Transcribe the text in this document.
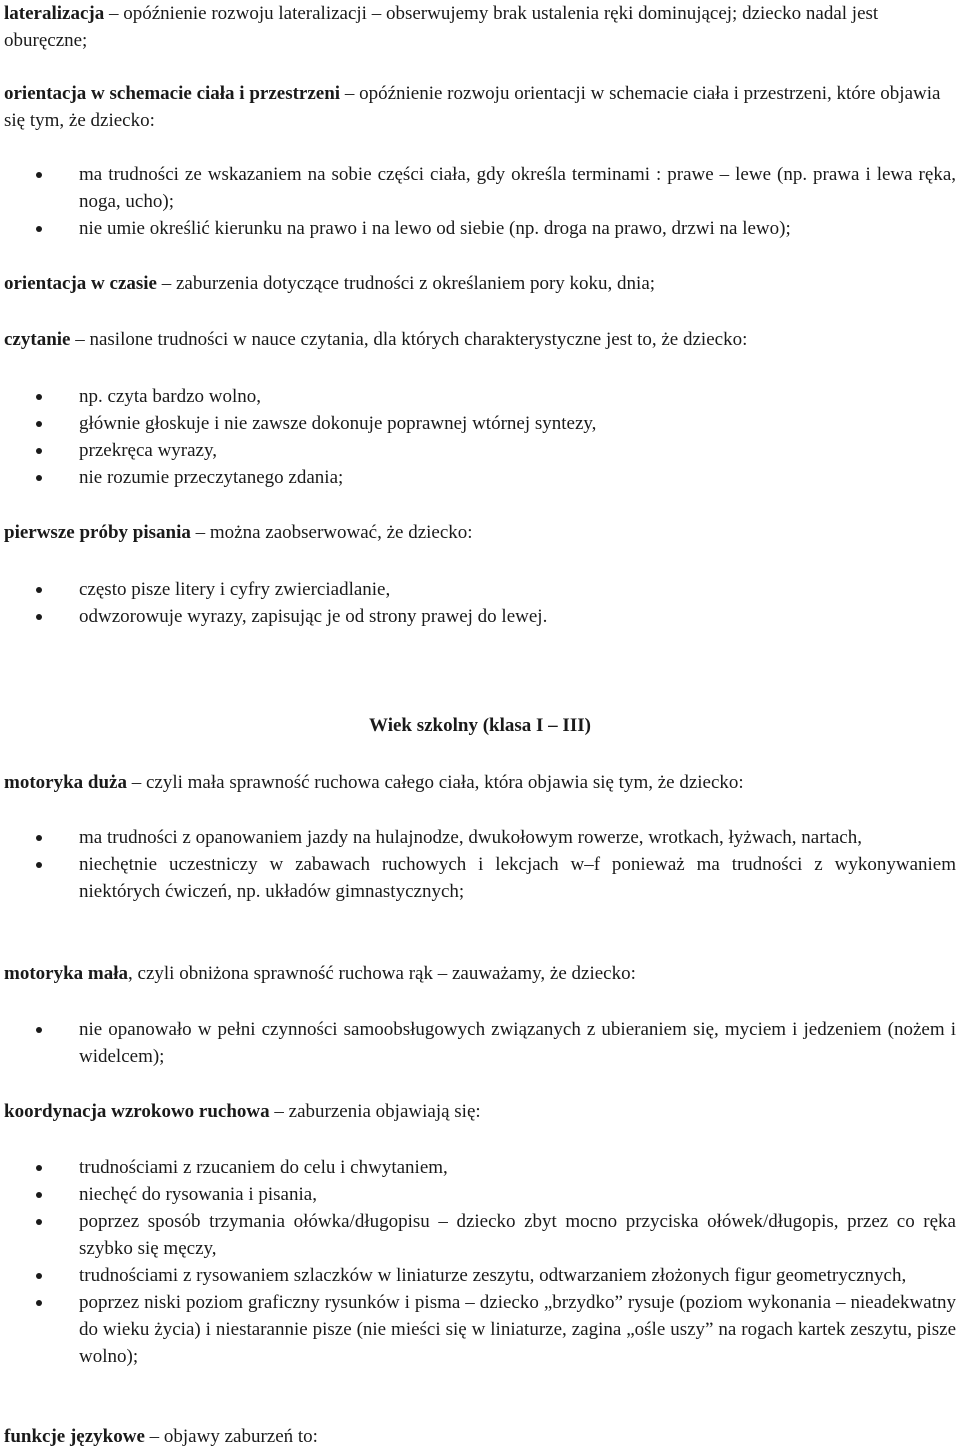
lateralizacja – opóźnienie rozwoju lateralizacji – obserwujemy brak ustalenia ręki dominującej; dziecko nadal jest oburęczne;

orientacja w schemacie ciała i przestrzeni – opóźnienie rozwoju orientacji w schemacie ciała i przestrzeni, które objawia się tym, że dziecko:

ma trudności ze wskazaniem na sobie części ciała, gdy określa terminami : prawe – lewe (np. prawa i lewa ręka, noga, ucho);
nie umie określić kierunku na prawo i na lewo od siebie (np. droga na prawo, drzwi na lewo);

orientacja w czasie – zaburzenia dotyczące trudności z określaniem pory koku, dnia;

czytanie – nasilone trudności w nauce czytania, dla których charakterystyczne jest to, że dziecko:

np. czyta bardzo wolno,
głównie głoskuje i nie zawsze dokonuje poprawnej wtórnej syntezy,
przekręca wyrazy,
nie rozumie przeczytanego zdania;

pierwsze próby pisania – można zaobserwować, że dziecko:

często pisze litery i cyfry zwierciadlanie,
odwzorowuje wyrazy, zapisując je od strony prawej do lewej.

Wiek szkolny (klasa I – III)

motoryka duża – czyli mała sprawność ruchowa całego ciała, która objawia się tym, że dziecko:

ma trudności z opanowaniem jazdy na hulajnodze, dwukołowym rowerze, wrotkach, łyżwach, nartach,
niechętnie uczestniczy w zabawach ruchowych i lekcjach w–f ponieważ ma trudności z wykonywaniem niektórych ćwiczeń, np. układów gimnastycznych;

motoryka mała, czyli obniżona sprawność ruchowa rąk – zauważamy, że dziecko:

nie opanowało w pełni czynności samoobsługowych związanych z ubieraniem się, myciem i jedzeniem (nożem i widelcem);

koordynacja wzrokowo ruchowa – zaburzenia objawiają się:

trudnościami z rzucaniem do celu i chwytaniem,
niechęć do rysowania i pisania,
poprzez sposób trzymania ołówka/długopisu – dziecko zbyt mocno przyciska ołówek/długopis, przez co ręka szybko się męczy,
trudnościami z rysowaniem szlaczków w liniaturze zeszytu, odtwarzaniem złożonych figur geometrycznych,
poprzez niski poziom graficzny rysunków i pisma – dziecko „brzydko” rysuje (poziom wykonania – nieadekwatny do wieku życia) i niestarannie pisze (nie mieści się w liniaturze, zagina „ośle uszy” na rogach kartek zeszytu, pisze wolno);

funkcje językowe – objawy zaburzeń to:
